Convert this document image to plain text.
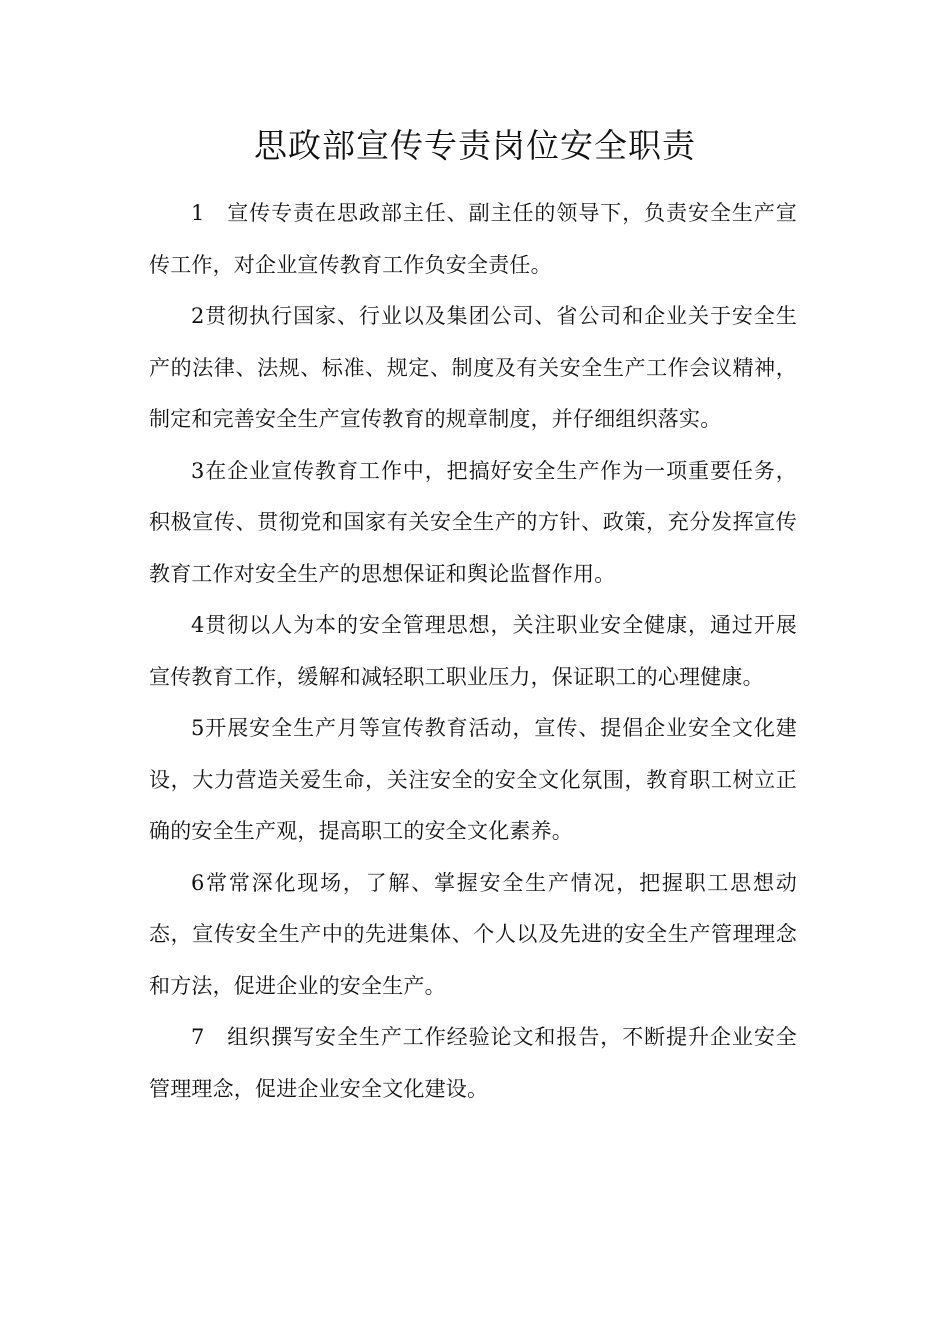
思政部宣传专责岗位安全职责

1　宣传专责在思政部主任、副主任的领导下，负责安全生产宣传工作，对企业宣传教育工作负安全责任。

2贯彻执行国家、行业以及集团公司、省公司和企业关于安全生产的法律、法规、标准、规定、制度及有关安全生产工作会议精神，制定和完善安全生产宣传教育的规章制度，并仔细组织落实。

3在企业宣传教育工作中，把搞好安全生产作为一项重要任务，积极宣传、贯彻党和国家有关安全生产的方针、政策，充分发挥宣传教育工作对安全生产的思想保证和舆论监督作用。

4贯彻以人为本的安全管理思想，关注职业安全健康，通过开展宣传教育工作，缓解和减轻职工职业压力，保证职工的心理健康。

5开展安全生产月等宣传教育活动，宣传、提倡企业安全文化建设，大力营造关爱生命，关注安全的安全文化氛围，教育职工树立正确的安全生产观，提高职工的安全文化素养。

6常常深化现场，了解、掌握安全生产情况，把握职工思想动态，宣传安全生产中的先进集体、个人以及先进的安全生产管理理念和方法，促进企业的安全生产。

7　组织撰写安全生产工作经验论文和报告，不断提升企业安全管理理念，促进企业安全文化建设。
